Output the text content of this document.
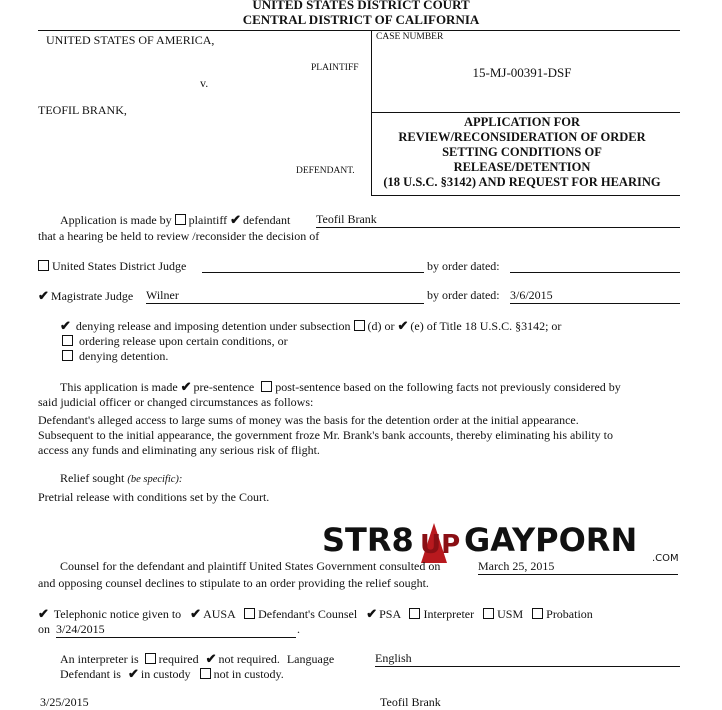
UNITED STATES DISTRICT COURT
CENTRAL DISTRICT OF CALIFORNIA
UNITED STATES OF AMERICA,
PLAINTIFF
v.
TEOFIL BRANK,
DEFENDANT.
CASE NUMBER
15-MJ-00391-DSF
APPLICATION FOR
REVIEW/RECONSIDERATION OF ORDER
SETTING CONDITIONS OF
RELEASE/DETENTION
(18 U.S.C. §3142) AND REQUEST FOR HEARING
Application is made by plaintiff ✔ defendant Teofil Brank
that a hearing be held to review /reconsider the decision of
United States District Judge	by order dated:
✔ Magistrate Judge Wilner	by order dated: 3/6/2015
✔ denying release and imposing detention under subsection (d) or ✔ (e) of Title 18 U.S.C. §3142; or
ordering release upon certain conditions, or
denying detention.
This application is made ✔ pre-sentence post-sentence based on the following facts not previously considered by
said judicial officer or changed circumstances as follows:
Defendant's alleged access to large sums of money was the basis for the detention order at the initial appearance.
Subsequent to the initial appearance, the government froze Mr. Brank's bank accounts, thereby eliminating his ability to
access any funds and eliminating any serious risk of flight.
Relief sought (be specific):
Pretrial release with conditions set by the Court.
STR8 UP GAYPORN .COM
Counsel for the defendant and plaintiff United States Government consulted on	March 25, 2015
and opposing counsel declines to stipulate to an order providing the relief sought.
✔ Telephonic notice given to ✔ AUSA Defendant's Counsel ✔ PSA Interpreter USM Probation
on 3/24/2015	.
An interpreter is required ✔ not required. Language	English
Defendant is ✔ in custody not in custody.
3/25/2015	Teofil Brank
